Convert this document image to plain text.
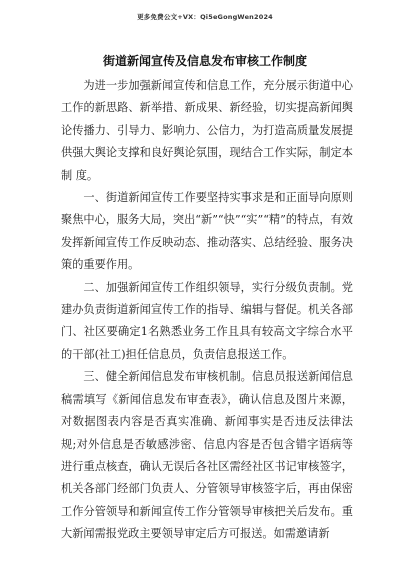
更多免费公文+VX：Qi5eGongWen2024
街道新闻宣传及信息发布审核工作制度

为进一步加强新闻宣传和信息工作，充分展示街道中心工作的新思路、新举措、新成果、新经验，切实提高新闻舆论传播力、引导力、影响力、公信力，为打造高质量发展提供强大舆论支撑和良好舆论氛围，现结合工作实际，制定本制 度。

一、街道新闻宣传工作要坚持实事求是和正面导向原则聚焦中心，服务大局，突出“新”“快”“实”“精”的特点，有效发挥新闻宣传工作反映动态、推动落实、总结经验、服务决策的重要作用。

二、加强新闻宣传工作组织领导，实行分级负责制。党建办负责街道新闻宣传工作的指导、编辑与督促。机关各部门、社区要确定1名熟悉业务工作且具有较高文字综合水平的干部(社工)担任信息员，负责信息报送工作。

三、健全新闻信息发布审核机制。信息员报送新闻信息稿需填写《新闻信息发布审查表》，确认信息及图片来源，对数据图表内容是否真实准确、新闻事实是否违反法律法规;对外信息是否敏感涉密、信息内容是否包含错字语病等进行重点核查，确认无误后各社区需经社区书记审核签字，机关各部门经部门负责人、分管领导审核签字后，再由保密工作分管领导和新闻宣传工作分管领导审核把关后发布。重大新闻需报党政主要领导审定后方可报送。如需邀请新
